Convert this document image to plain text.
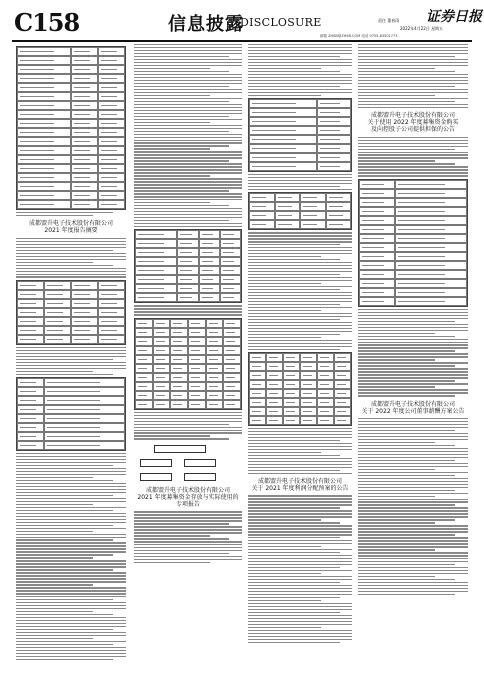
C158	信息披露
DISCLOSURE	责任 董春雨
邮箱 ZHSB@ZHSB.COM 电话 0755-83501773
证券日报
2022年4月22日 星期五
成都盟升电子技术股份有限公司
2021 年度报告摘要
成都盟升电子技术股份有限公司
2021 年度募集资金存放与实际使用的
专项报告
成都盟升电子技术股份有限公司
关于 2021 年度利润分配预案的公告
成都盟升电子技术股份有限公司
关于使用 2022 年度募集资金购买
及向控股子公司提供担保的公告
成都盟升电子技术股份有限公司
关于 2022 年度公司董事薪酬方案公告
